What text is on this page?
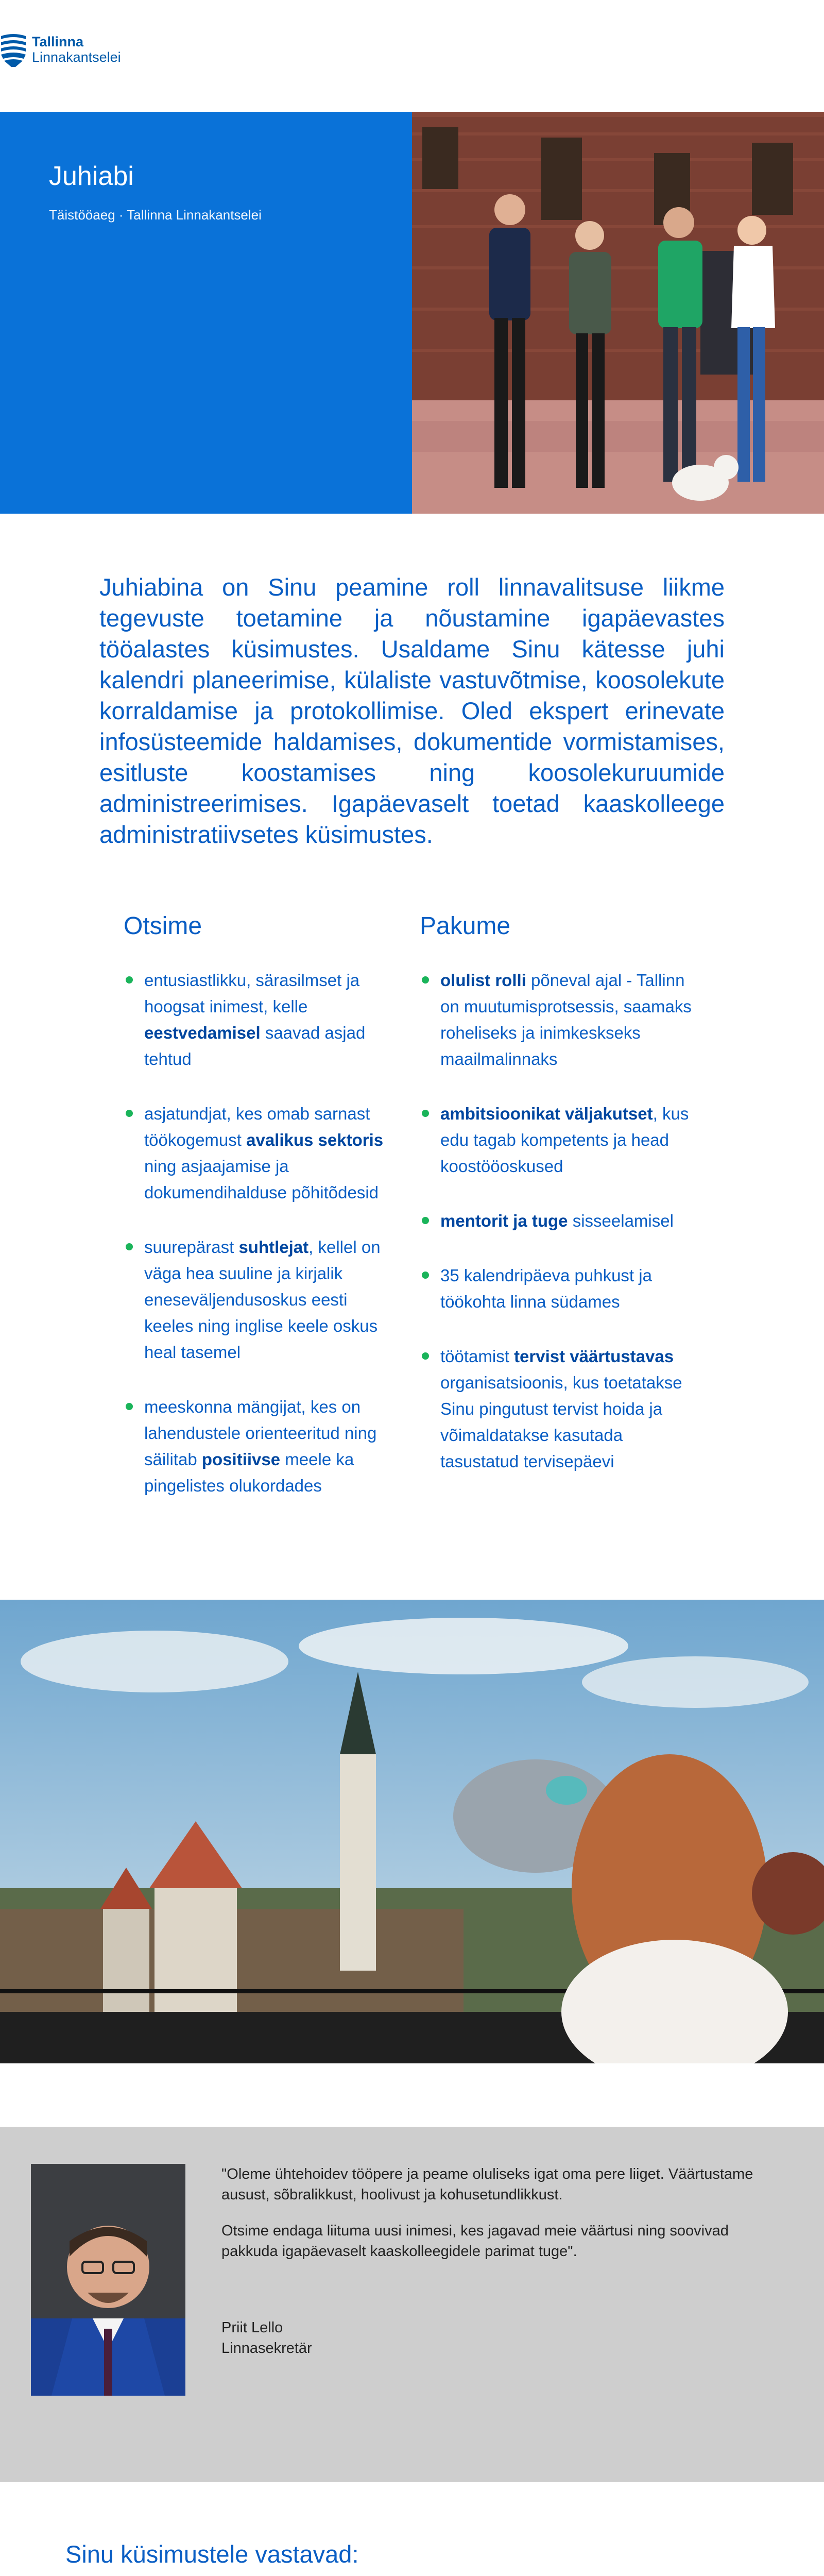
Tallinna
Linnakantselei
Juhiabi
Täistööaeg · Tallinna Linnakantselei

Juhiabina on Sinu peamine roll linnavalitsuse liikme tegevuste toetamine ja nõustamine igapäevastes tööalastes küsimustes. Usaldame Sinu kätesse juhi kalendri planeerimise, külaliste vastuvõtmise, koosolekute korraldamise ja protokollimise. Oled ekspert erinevate infosüsteemide haldamises, dokumentide vormistamises, esitluste koostamises ning koosolekuruumide administreerimises. Igapäevaselt toetad kaaskolleege administratiivsetes küsimustes.

Otsime
entusiastlikku, särasilmset ja hoogsat inimest, kelle eestvedamisel saavad asjad tehtud
asjatundjat, kes omab sarnast töökogemust avalikus sektoris ning asjaajamise ja dokumendihalduse põhitõdesid
suurepärast suhtlejat, kellel on väga hea suuline ja kirjalik eneseväljendusoskus eesti keeles ning inglise keele oskus heal tasemel
meeskonna mängijat, kes on lahendustele orienteeritud ning säilitab positiivse meele ka pingelistes olukordades
Pakume
olulist rolli põneval ajal - Tallinn on muutumisprotsessis, saamaks roheliseks ja inimkeskseks maailmalinnaks
ambitsioonikat väljakutset, kus edu tagab kompetents ja head koostööoskused
mentorit ja tuge sisseelamisel
35 kalendripäeva puhkust ja töökohta linna südames
töötamist tervist väärtustavas organisatsioonis, kus toetatakse Sinu pingutust tervist hoida ja võimaldatakse kasutada tasustatud tervisepäevi

"Oleme ühtehoidev tööpere ja peame oluliseks igat oma pere liiget. Väärtustame ausust, sõbralikkust, hoolivust ja kohusetundlikkust.

Otsime endaga liituma uusi inimesi, kes jagavad meie väärtusi ning soovivad pakkuda igapäevaselt kaaskolleegidele parimat tuge".

Priit Lello
Linnasekretär
Sinu küsimustele vastavad:
